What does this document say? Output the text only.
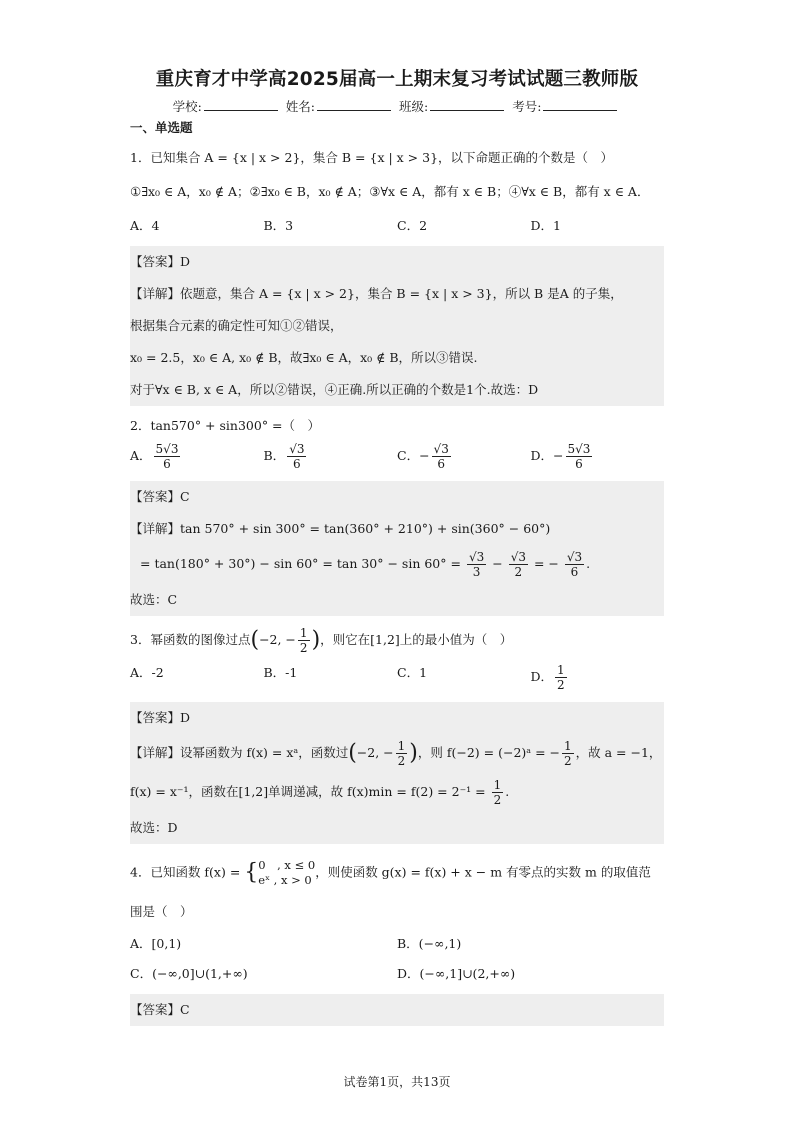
重庆育才中学高2025届高一上期末复习考试试题三教师版
学校:	姓名:	班级:	考号:
一、单选题
1．已知集合 A = {x | x > 2}，集合 B = {x | x > 3}，以下命题正确的个数是（　）
①∃x₀ ∈ A，x₀ ∉ A；②∃x₀ ∈ B，x₀ ∉ A；③∀x ∈ A，都有 x ∈ B；④∀x ∈ B，都有 x ∈ A．
A．4	B．3	C．2	D．1
【答案】D
【详解】依题意，集合 A = {x | x > 2}，集合 B = {x | x > 3}，所以 B 是A 的子集，
根据集合元素的确定性可知①②错误，
x₀ = 2.5，x₀ ∈ A, x₀ ∉ B，故∃x₀ ∈ A，x₀ ∉ B，所以③错误.
对于∀x ∈ B, x ∈ A，所以②错误，④正确.所以正确的个数是1个.故选：D
2．tan570° + sin300° =（　）
A． $\frac{5√3}{6}$	B． $\frac{√3}{6}$	C．− $\frac{√3}{6}$	D．− $\frac{5√3}{6}$
【答案】C
【详解】tan 570° + sin 300° = tan(360° + 210°) + sin(360° − 60°)
= $\tan(180^\circ + 30^\circ) - \sin 60^\circ = \tan 30^\circ - \sin 60^\circ = \frac{√3}{3} - \frac{√3}{2}$ = − $\frac{√3}{6}$ .
故选：C
3．幂函数的图像过点(−2, − $\frac{1}{2}$ )，则它在[1,2]上的最小值为（　）
A．-2	B．-1	C．1	D． $\frac{1}{2}$
【答案】D
【详解】设幂函数为 f(x) = xᵃ，函数过(−2, − $\frac{1}{2}$ )，则 f(−2) = (−2)ᵃ = − $\frac{1}{2}$ ，故 a = −1，
f(x) = x⁻¹，函数在[1,2]单调递减，故 $f(x)\min = f(2) = 2^{-1} = \frac{1}{2}$ .
故选：D
4．已知函数 f(x) = { 0　, x ≤ 0
eˣ , x > 0
，则使函数 g(x) = f(x) + x − m 有零点的实数 m 的取值范
围是（　）
A．[0,1)	B．(−∞,1)
C．(−∞,0]∪(1,+∞)	D．(−∞,1]∪(2,+∞)
【答案】C
试卷第1页，共13页
